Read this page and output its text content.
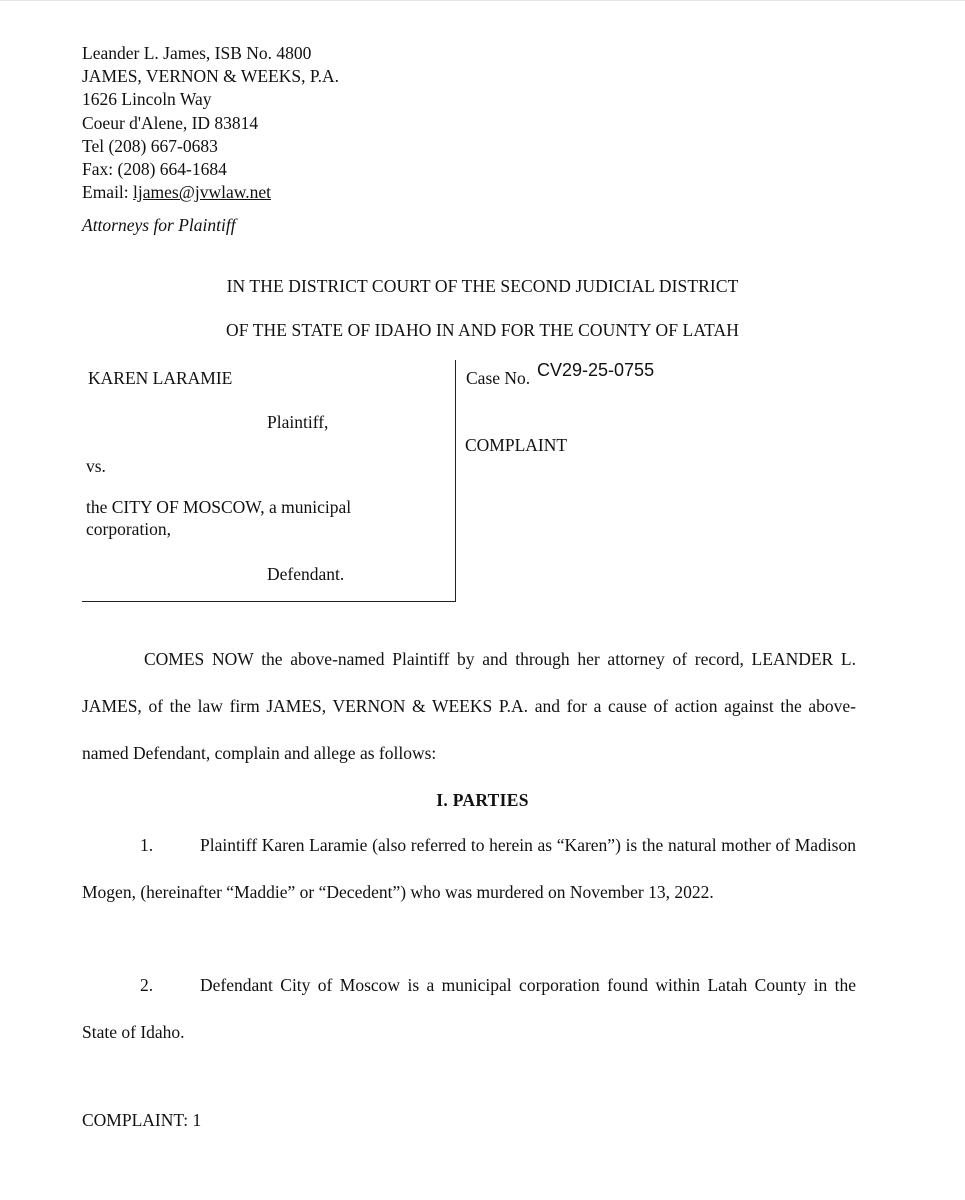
Leander L. James, ISB No. 4800
JAMES, VERNON & WEEKS, P.A.
1626 Lincoln Way
Coeur d'Alene, ID 83814
Tel (208) 667-0683
Fax: (208) 664-1684
Email: ljames@jvwlaw.net
Attorneys for Plaintiff
IN THE DISTRICT COURT OF THE SECOND JUDICIAL DISTRICT
OF THE STATE OF IDAHO IN AND FOR THE COUNTY OF LATAH
KAREN LARAMIE
Plaintiff,
vs.
the CITY OF MOSCOW, a municipal corporation,
Defendant.
Case No. CV29-25-0755
COMPLAINT
COMES NOW the above-named Plaintiff by and through her attorney of record, LEANDER L. JAMES, of the law firm JAMES, VERNON & WEEKS P.A. and for a cause of action against the above-named Defendant, complain and allege as follows:
I. PARTIES
1.	Plaintiff Karen Laramie (also referred to herein as “Karen”) is the natural mother of Madison Mogen, (hereinafter “Maddie” or “Decedent”) who was murdered on November 13, 2022.
2.	Defendant City of Moscow is a municipal corporation found within Latah County in the State of Idaho.
COMPLAINT: 1
